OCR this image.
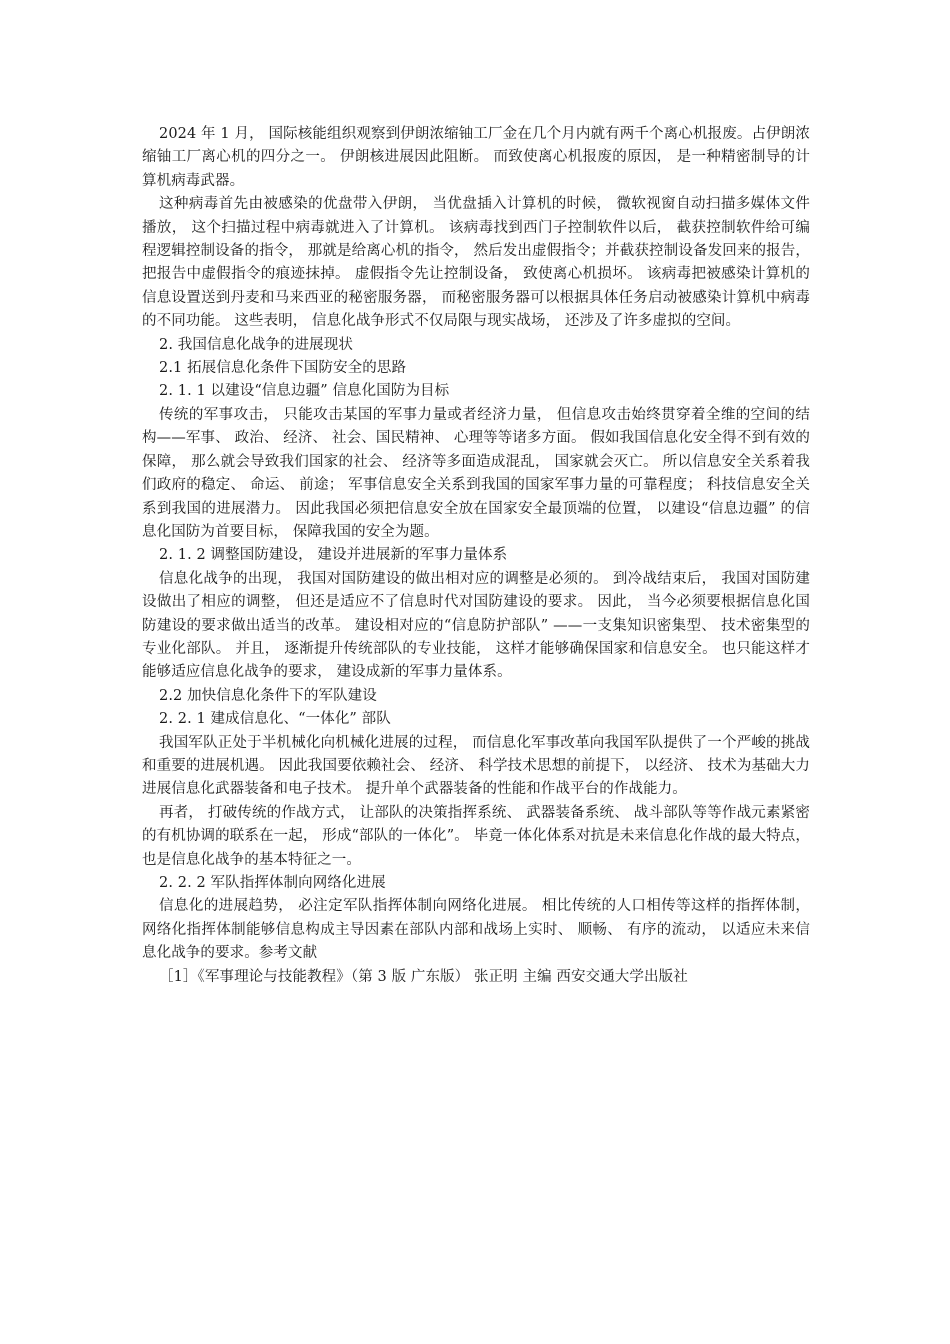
2024 年 1 月， 国际核能组织观察到伊朗浓缩铀工厂金在几个月内就有两千个离心机报废。占伊朗浓缩铀工厂离心机的四分之一。 伊朗核进展因此阻断。 而致使离心机报废的原因， 是一种精密制导的计算机病毒武器。

这种病毒首先由被感染的优盘带入伊朗， 当优盘插入计算机的时候， 微软视窗自动扫描多媒体文件播放， 这个扫描过程中病毒就进入了计算机。 该病毒找到西门子控制软件以后， 截获控制软件给可编程逻辑控制设备的指令， 那就是给离心机的指令， 然后发出虚假指令；并截获控制设备发回来的报告， 把报告中虚假指令的痕迹抹掉。 虚假指令先让控制设备， 致使离心机损坏。 该病毒把被感染计算机的信息设置送到丹麦和马来西亚的秘密服务器， 而秘密服务器可以根据具体任务启动被感染计算机中病毒的不同功能。 这些表明， 信息化战争形式不仅局限与现实战场， 还涉及了许多虚拟的空间。

2. 我国信息化战争的进展现状

2.1 拓展信息化条件下国防安全的思路

2. 1. 1 以建设“信息边疆” 信息化国防为目标

传统的军事攻击， 只能攻击某国的军事力量或者经济力量， 但信息攻击始终贯穿着全维的空间的结构——军事、 政治、 经济、 社会、国民精神、 心理等等诸多方面。 假如我国信息化安全得不到有效的保障， 那么就会导致我们国家的社会、 经济等多面造成混乱， 国家就会灭亡。 所以信息安全关系着我们政府的稳定、 命运、 前途； 军事信息安全关系到我国的国家军事力量的可靠程度； 科技信息安全关系到我国的进展潜力。 因此我国必须把信息安全放在国家安全最顶端的位置， 以建设“信息边疆” 的信息化国防为首要目标， 保障我国的安全为题。

2. 1. 2 调整国防建设， 建设并进展新的军事力量体系

信息化战争的出现， 我国对国防建设的做出相对应的调整是必须的。 到冷战结束后， 我国对国防建设做出了相应的调整， 但还是适应不了信息时代对国防建设的要求。 因此， 当今必须要根据信息化国防建设的要求做出适当的改革。 建设相对应的“信息防护部队” ——一支集知识密集型、 技术密集型的专业化部队。 并且， 逐渐提升传统部队的专业技能， 这样才能够确保国家和信息安全。 也只能这样才能够适应信息化战争的要求， 建设成新的军事力量体系。

2.2 加快信息化条件下的军队建设

2. 2. 1 建成信息化、“一体化” 部队

我国军队正处于半机械化向机械化进展的过程， 而信息化军事改革向我国军队提供了一个严峻的挑战和重要的进展机遇。 因此我国要依赖社会、 经济、 科学技术思想的前提下， 以经济、 技术为基础大力进展信息化武器装备和电子技术。 提升单个武器装备的性能和作战平台的作战能力。

再者， 打破传统的作战方式， 让部队的决策指挥系统、 武器装备系统、 战斗部队等等作战元素紧密的有机协调的联系在一起， 形成“部队的一体化”。 毕竟一体化体系对抗是未来信息化作战的最大特点，也是信息化战争的基本特征之一。

2. 2. 2 军队指挥体制向网络化进展

信息化的进展趋势， 必注定军队指挥体制向网络化进展。 相比传统的人口相传等这样的指挥体制， 网络化指挥体制能够信息构成主导因素在部队内部和战场上实时、 顺畅、 有序的流动， 以适应未来信息化战争的要求。参考文献

［1］《军事理论与技能教程》（第 3 版 广东版） 张正明 主编 西安交通大学出版社
